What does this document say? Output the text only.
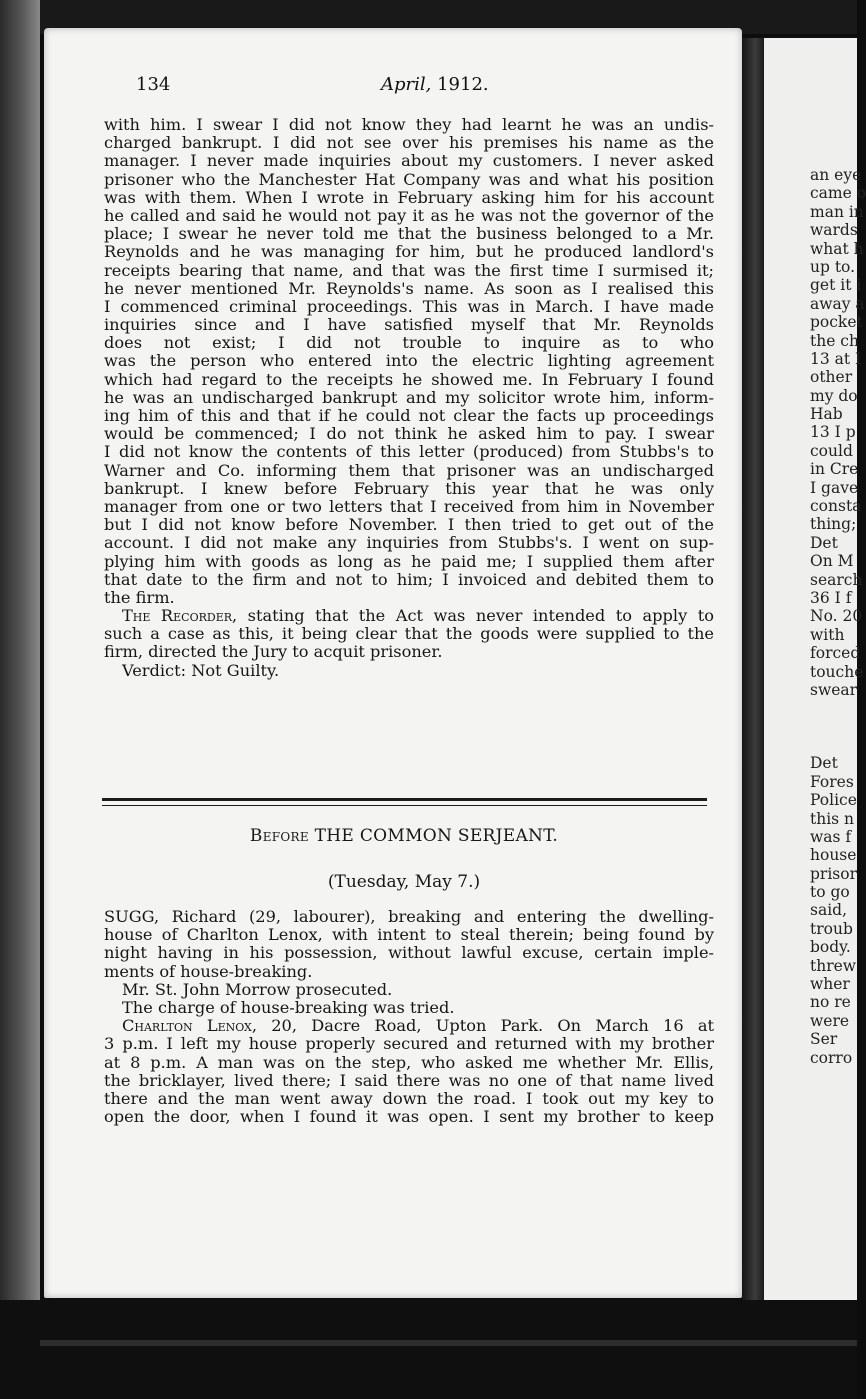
an eye
came o
man in
wards
what h
up to.
get it i
away a
pocket
the ch
13 at I
other
my do
Hab
13 I p
could
in Cre
I gave
consta
thing;
Det
On M
search
36 I f
No. 20
with
forced
touche
swear
Det
Fores
Police
this n
was f
house
prisor
to go
said,
troub
body.
threw
wher
no re
were
Ser
corro
134	April, 1912.
with him. I swear I did not know they had learnt he was an undis-
charged bankrupt. I did not see over his premises his name as the
manager. I never made inquiries about my customers. I never asked
prisoner who the Manchester Hat Company was and what his position
was with them. When I wrote in February asking him for his account
he called and said he would not pay it as he was not the governor of the
place; I swear he never told me that the business belonged to a Mr.
Reynolds and he was managing for him, but he produced landlord's
receipts bearing that name, and that was the first time I surmised it;
he never mentioned Mr. Reynolds's name. As soon as I realised this
I commenced criminal proceedings. This was in March. I have made
inquiries since and I have satisfied myself that Mr. Reynolds
does not exist; I did not trouble to inquire as to who
was the person who entered into the electric lighting agreement
which had regard to the receipts he showed me. In February I found
he was an undischarged bankrupt and my solicitor wrote him, inform-
ing him of this and that if he could not clear the facts up proceedings
would be commenced; I do not think he asked him to pay. I swear
I did not know the contents of this letter (produced) from Stubbs's to
Warner and Co. informing them that prisoner was an undischarged
bankrupt. I knew before February this year that he was only
manager from one or two letters that I received from him in November
but I did not know before November. I then tried to get out of the
account. I did not make any inquiries from Stubbs's. I went on sup-
plying him with goods as long as he paid me; I supplied them after
that date to the firm and not to him; I invoiced and debited them to
the firm.
The Recorder, stating that the Act was never intended to apply to
such a case as this, it being clear that the goods were supplied to the
firm, directed the Jury to acquit prisoner.
Verdict: Not Guilty.
Before THE COMMON SERJEANT.
(Tuesday, May 7.)
SUGG, Richard (29, labourer), breaking and entering the dwelling-
house of Charlton Lenox, with intent to steal therein; being found by
night having in his possession, without lawful excuse, certain imple-
ments of house-breaking.
Mr. St. John Morrow prosecuted.
The charge of house-breaking was tried.
Charlton Lenox, 20, Dacre Road, Upton Park. On March 16 at
3 p.m. I left my house properly secured and returned with my brother
at 8 p.m. A man was on the step, who asked me whether Mr. Ellis,
the bricklayer, lived there; I said there was no one of that name lived
there and the man went away down the road. I took out my key to
open the door, when I found it was open. I sent my brother to keep
